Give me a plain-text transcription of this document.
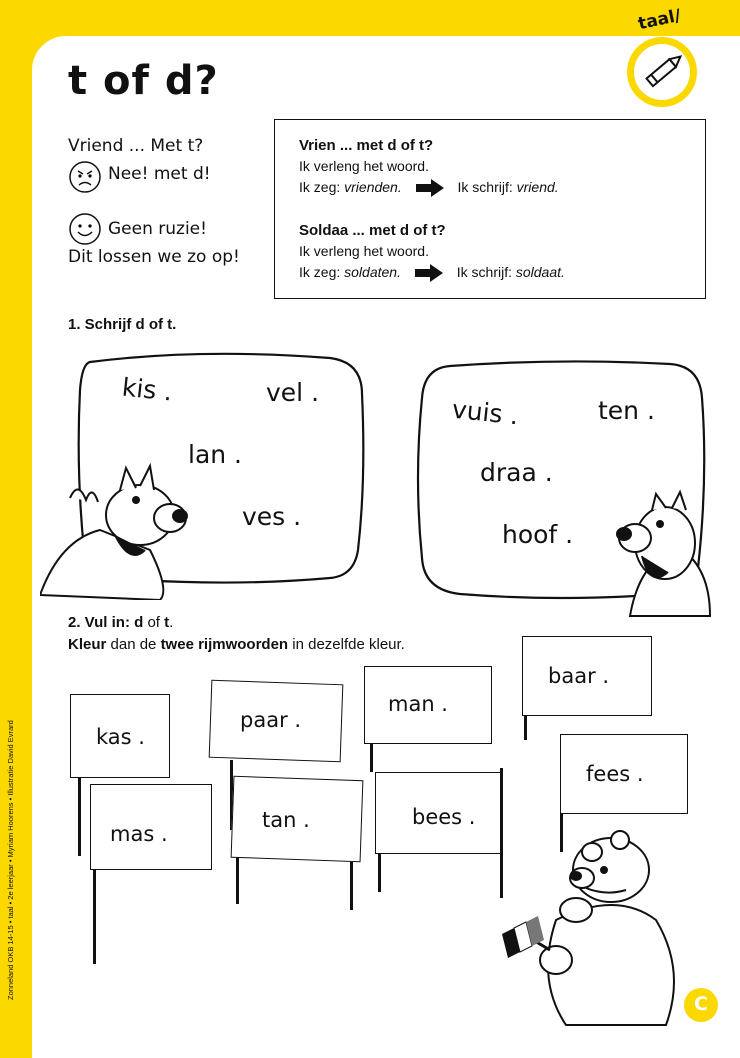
taal/
t of d?
Vriend ... Met t?
Nee! met d!
Geen ruzie!
Dit lossen we zo op!
Vrien ... met d of t?
Ik verleng het woord.
Ik zeg: vrienden.	Ik schrijf: vriend.
Soldaa ... met d of t?
Ik verleng het woord.
Ik zeg: soldaten.	Ik schrijf: soldaat.
1. Schrijf d of t.
kis .	vel .
lan .
ves .
vuis .	ten .
draa .
hoof .
2. Vul in: d of t.
Kleur dan de twee rijmwoorden in dezelfde kleur.
kas .
paar .
man .
baar .
mas .
tan .	bees .
fees .
Zonneland OKB 14-15 • taal • 2e leerjaar • Myriam Hoorens • Illustratie David Evrard
C
